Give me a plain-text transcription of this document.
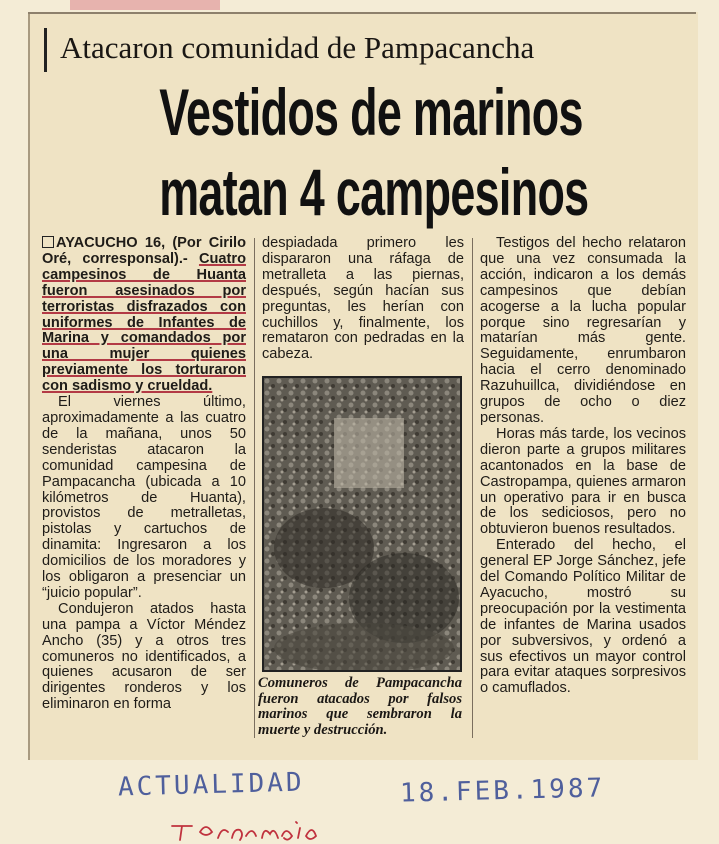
Atacaron comunidad de Pampacancha
Vestidos de marinos
matan 4 campesinos

AYACUCHO 16, (Por Cirilo Oré, corresponsal).- Cuatro campesinos de Huanta fueron asesinados por terroristas disfrazados con uniformes de Infantes de Marina y comandados por una mujer quienes previamente los torturaron con sadismo y crueldad.

El viernes último, aproximadamente a las cuatro de la mañana, unos 50 senderistas atacaron la comunidad campesina de Pampacancha (ubicada a 10 kilómetros de Huanta), provistos de metralletas, pistolas y cartuchos de dinamita: Ingresaron a los domicilios de los moradores y los obligaron a presenciar un “juicio popular”.

Condujeron atados hasta una pampa a Víctor Méndez Ancho (35) y a otros tres comuneros no identificados, a quienes acusaron de ser dirigentes ronderos y los eliminaron en forma

despiadada primero les dispararon una ráfaga de metralleta a las piernas, después, según hacían sus preguntas, les herían con cuchillos y, finalmente, los remataron con pedradas en la cabeza.

Comuneros de Pampacancha fueron atacados por falsos marinos que sembraron la muerte y destrucción.

Testigos del hecho relataron que una vez consumada la acción, indicaron a los demás campesinos que debían acogerse a la lucha popular porque sino regresarían y matarían más gente. Seguidamente, enrumbaron hacia el cerro denominado Razuhuillca, dividiéndose en grupos de ocho o diez personas.

Horas más tarde, los vecinos dieron parte a grupos militares acantonados en la base de Castropampa, quienes armaron un operativo para ir en busca de los sediciosos, pero no obtuvieron buenos resultados.

Enterado del hecho, el general EP Jorge Sánchez, jefe del Comando Político Militar de Ayacucho, mostró su preocupación por la vestimenta de infantes de Marina usados por subversivos, y ordenó a sus efectivos un mayor control para evitar ataques sorpresivos o camuflados.

ACTUALIDAD	18.FEB.1987
